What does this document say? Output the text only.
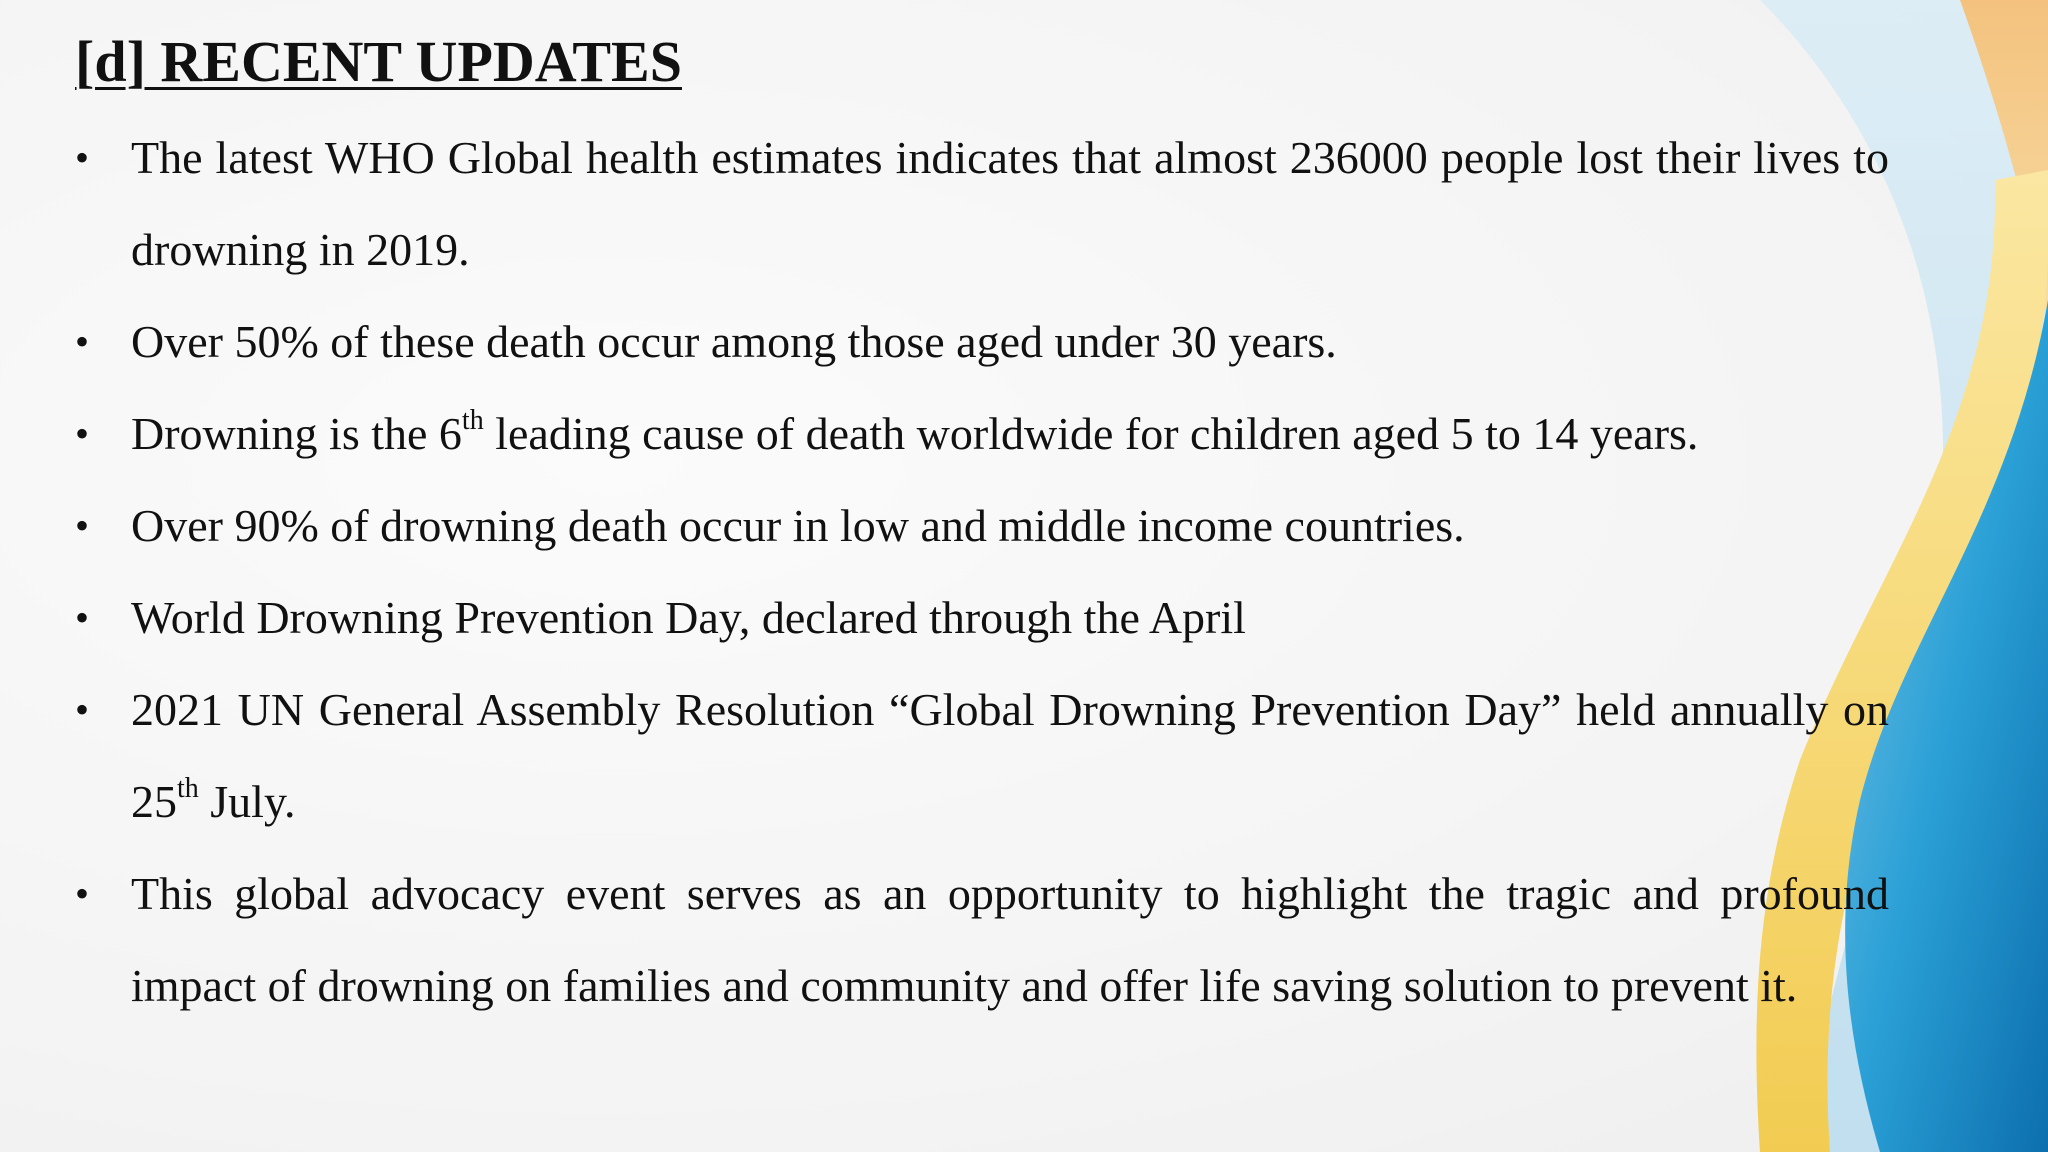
[d] RECENT UPDATES
• The latest WHO Global health estimates indicates that almost 236000 people lost their lives to drowning in 2019.
• Over 50% of these death occur among those aged under 30 years.
• Drowning is the 6th leading cause of death worldwide for children aged 5 to 14 years.
• Over 90% of drowning death occur in low and middle income countries.
• World Drowning Prevention Day, declared through the April
• 2021 UN General Assembly Resolution “Global Drowning Prevention Day” held annually on 25th July.
• This global advocacy event serves as an opportunity to highlight the tragic and profound impact of drowning on families and community and offer life saving solution to prevent it.
